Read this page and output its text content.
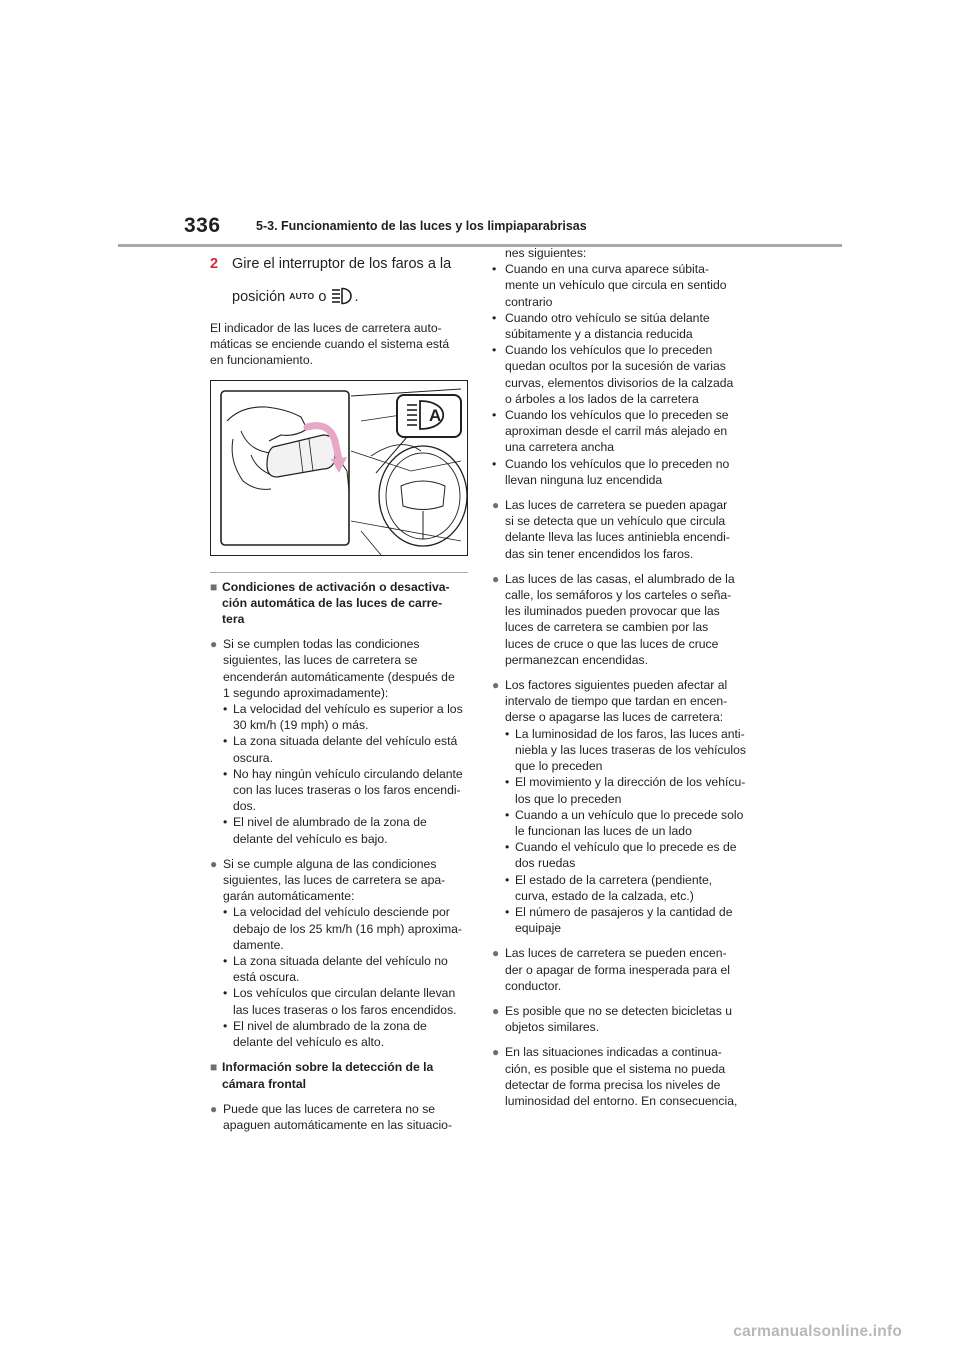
336	5-3. Funcionamiento de las luces y los limpiaparabrisas
2 Gire el interruptor de los faros a la
posición AUTO o .
El indicador de las luces de carretera auto-
máticas se enciende cuando el sistema está
en funcionamiento.
A
■ Condiciones de activación o desactiva-
ción automática de las luces de carre-
tera
● Si se cumplen todas las condiciones
siguientes, las luces de carretera se
encenderán automáticamente (después de
1 segundo aproximadamente):
• La velocidad del vehículo es superior a los
30 km/h (19 mph) o más.
• La zona situada delante del vehículo está
oscura.
• No hay ningún vehículo circulando delante
con las luces traseras o los faros encendi-
dos.
• El nivel de alumbrado de la zona de
delante del vehículo es bajo.
● Si se cumple alguna de las condiciones
siguientes, las luces de carretera se apa-
garán automáticamente:
• La velocidad del vehículo desciende por
debajo de los 25 km/h (16 mph) aproxima-
damente.
• La zona situada delante del vehículo no
está oscura.
• Los vehículos que circulan delante llevan
las luces traseras o los faros encendidos.
• El nivel de alumbrado de la zona de
delante del vehículo es alto.
■ Información sobre la detección de la
cámara frontal
● Puede que las luces de carretera no se
apaguen automáticamente en las situacio-
nes siguientes:
• Cuando en una curva aparece súbita-
mente un vehículo que circula en sentido
contrario
• Cuando otro vehículo se sitúa delante
súbitamente y a distancia reducida
• Cuando los vehículos que lo preceden
quedan ocultos por la sucesión de varias
curvas, elementos divisorios de la calzada
o árboles a los lados de la carretera
• Cuando los vehículos que lo preceden se
aproximan desde el carril más alejado en
una carretera ancha
• Cuando los vehículos que lo preceden no
llevan ninguna luz encendida
● Las luces de carretera se pueden apagar
si se detecta que un vehículo que circula
delante lleva las luces antiniebla encendi-
das sin tener encendidos los faros.
● Las luces de las casas, el alumbrado de la
calle, los semáforos y los carteles o seña-
les iluminados pueden provocar que las
luces de carretera se cambien por las
luces de cruce o que las luces de cruce
permanezcan encendidas.
● Los factores siguientes pueden afectar al
intervalo de tiempo que tardan en encen-
derse o apagarse las luces de carretera:
• La luminosidad de los faros, las luces anti-
niebla y las luces traseras de los vehículos
que lo preceden
• El movimiento y la dirección de los vehícu-
los que lo preceden
• Cuando a un vehículo que lo precede solo
le funcionan las luces de un lado
• Cuando el vehículo que lo precede es de
dos ruedas
• El estado de la carretera (pendiente,
curva, estado de la calzada, etc.)
• El número de pasajeros y la cantidad de
equipaje
● Las luces de carretera se pueden encen-
der o apagar de forma inesperada para el
conductor.
● Es posible que no se detecten bicicletas u
objetos similares.
● En las situaciones indicadas a continua-
ción, es posible que el sistema no pueda
detectar de forma precisa los niveles de
luminosidad del entorno. En consecuencia,
carmanualsonline.info
